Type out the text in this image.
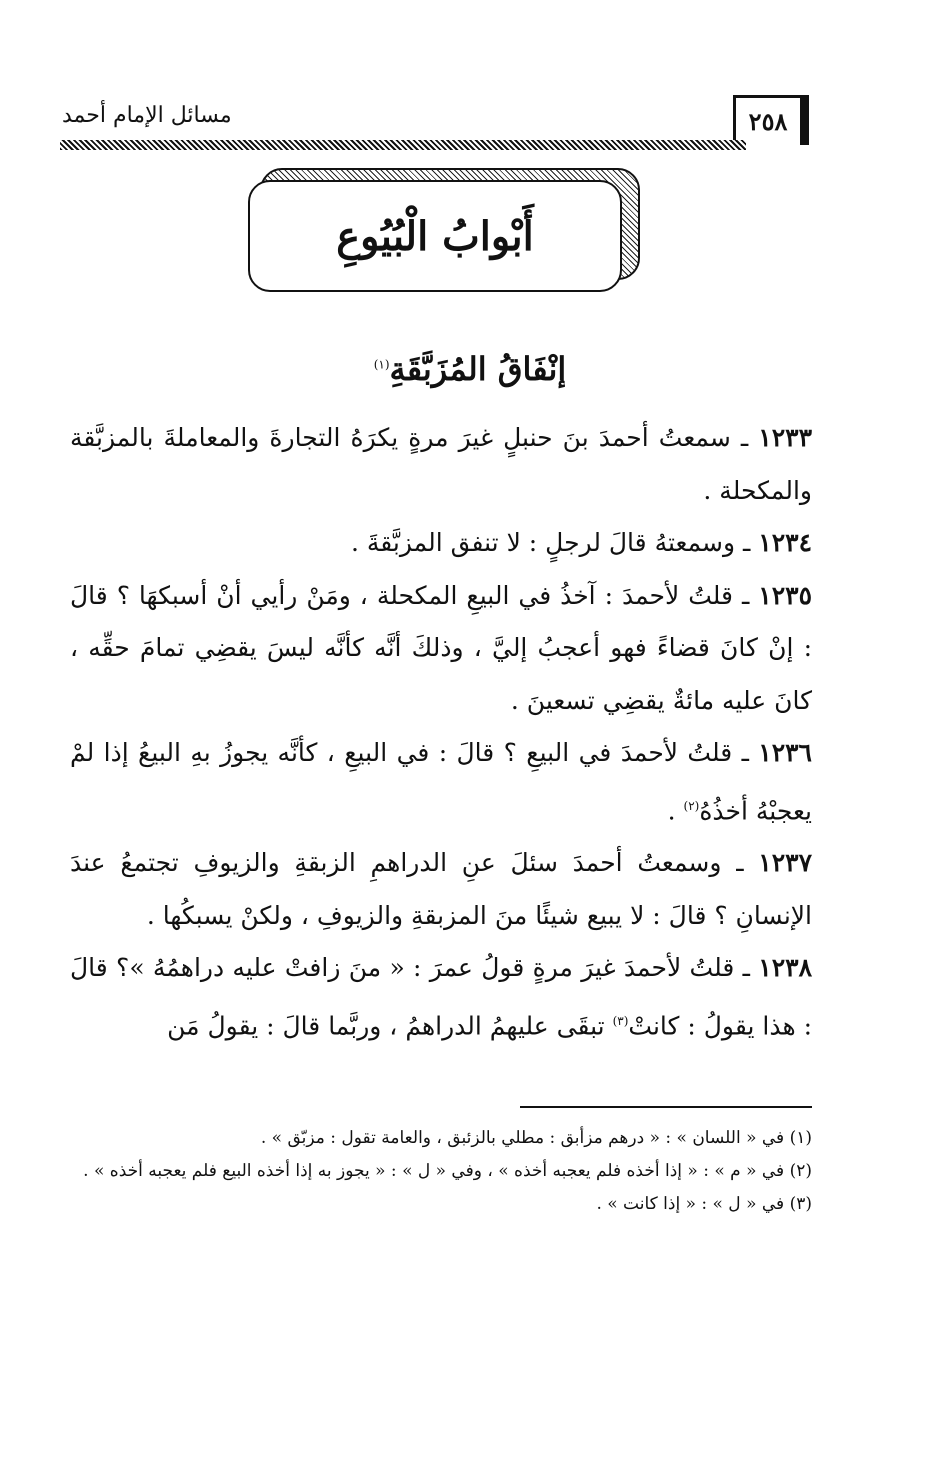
٢٥٨
مسائل الإمام أحمد
أَبْوابُ الْبُيُوعِ
إنْفَاقُ المُزَبَّقَةِ$^{(١)}$

١٢٣٣ ـ سمعتُ أحمدَ بنَ حنبلٍ غيرَ مرةٍ يكرَهُ التجارةَ والمعاملةَ بالمزبَّقة والمكحلة .

١٢٣٤ ـ وسمعتهُ قالَ لرجلٍ : لا تنفق المزبَّقةَ .

١٢٣٥ ـ قلتُ لأحمدَ : آخذُ في البيعِ المكحلة ، ومَنْ رأيي أنْ أسبكهَا ؟ قالَ : إنْ كانَ قضاءً فهو أعجبُ إليَّ ، وذلكَ أنَّه كأنَّه ليسَ يقضِي تمامَ حقِّه ، كانَ عليه مائةٌ يقضِي تسعينَ .

١٢٣٦ ـ قلتُ لأحمدَ في البيعِ ؟ قالَ : في البيعِ ، كأنَّه يجوزُ بهِ البيعُ إذا لمْ يعجبْهُ أخذُهُ$^{(٢)}$ .

١٢٣٧ ـ وسمعتُ أحمدَ سئلَ عنِ الدراهمِ الزبقةِ والزيوفِ تجتمعُ عندَ الإنسانِ ؟ قالَ : لا يبيع شيئًا منَ المزبقةِ والزيوفِ ، ولكنْ يسبكُها .

١٢٣٨ ـ قلتُ لأحمدَ غيرَ مرةٍ قولُ عمرَ : « منَ زافتْ عليه دراهمُهُ »؟ قالَ : هذا يقولُ : كانتْ$^{(٣)}$ تبقَى عليهمُ الدراهمُ ، وربَّما قالَ : يقولُ مَن

(١) في « اللسان » : « درهم مزأبق : مطلي بالزئبق ، والعامة تقول : مزبّق » .

(٢) في « م » : « إذا أخذه فلم يعجبه أخذه » ، وفي « ل » : « يجوز به إذا أخذه البيع فلم يعجبه أخذه » .

(٣) في « ل » : « إذا كانت » .
